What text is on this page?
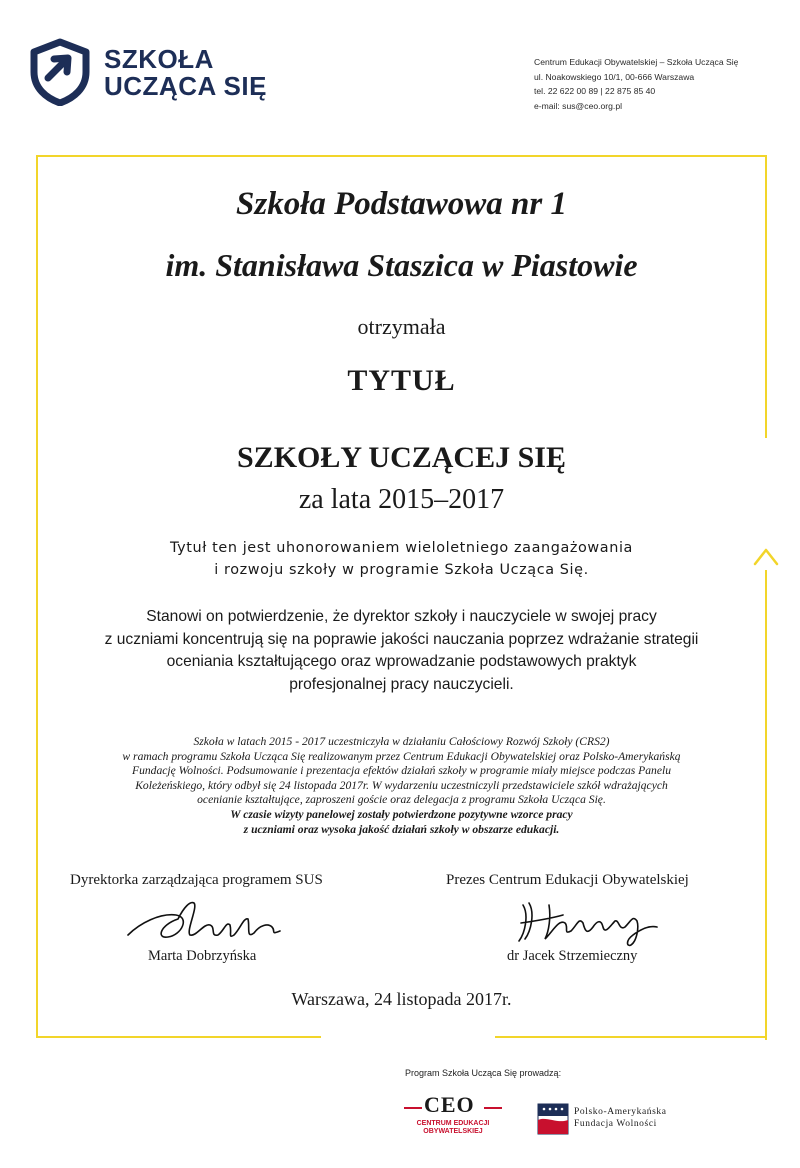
SZKOŁA
UCZĄCA SIĘ
Centrum Edukacji Obywatelskiej – Szkoła Ucząca Się
ul. Noakowskiego 10/1, 00-666 Warszawa
tel. 22 622 00 89 | 22 875 85 40
e-mail: sus@ceo.org.pl
Szkoła Podstawowa nr 1
im. Stanisława Staszica w Piastowie
otrzymała
TYTUŁ
SZKOŁY UCZĄCEJ SIĘ
za lata 2015–2017
Tytuł ten jest uhonorowaniem wieloletniego zaangażowania
i rozwoju szkoły w programie Szkoła Ucząca Się.
Stanowi on potwierdzenie, że dyrektor szkoły i nauczyciele w swojej pracy
z uczniami koncentrują się na poprawie jakości nauczania poprzez wdrażanie strategii
oceniania kształtującego oraz wprowadzanie podstawowych praktyk
profesjonalnej pracy nauczycieli.
Szkoła w latach 2015 - 2017 uczestniczyła w działaniu Całościowy Rozwój Szkoły (CRS2)
w ramach programu Szkoła Ucząca Się realizowanym przez Centrum Edukacji Obywatelskiej oraz Polsko-Amerykańską
Fundację Wolności. Podsumowanie i prezentacja efektów działań szkoły w programie miały miejsce podczas Panelu
Koleżeńskiego, który odbył się 24 listopada 2017r. W wydarzeniu uczestniczyli przedstawiciele szkół wdrażających
ocenianie kształtujące, zaproszeni goście oraz delegacja z programu Szkoła Ucząca Się.
W czasie wizyty panelowej zostały potwierdzone pozytywne wzorce pracy
z uczniami oraz wysoka jakość działań szkoły w obszarze edukacji.
Dyrektorka zarządzająca programem SUS	Prezes Centrum Edukacji Obywatelskiej
Marta Dobrzyńska	dr Jacek Strzemieczny
Warszawa, 24 listopada 2017r.
Program Szkoła Ucząca Się prowadzą:
CEO
CENTRUM EDUKACJI
OBYWATELSKIEJ
Polsko-Amerykańska
Fundacja Wolności
